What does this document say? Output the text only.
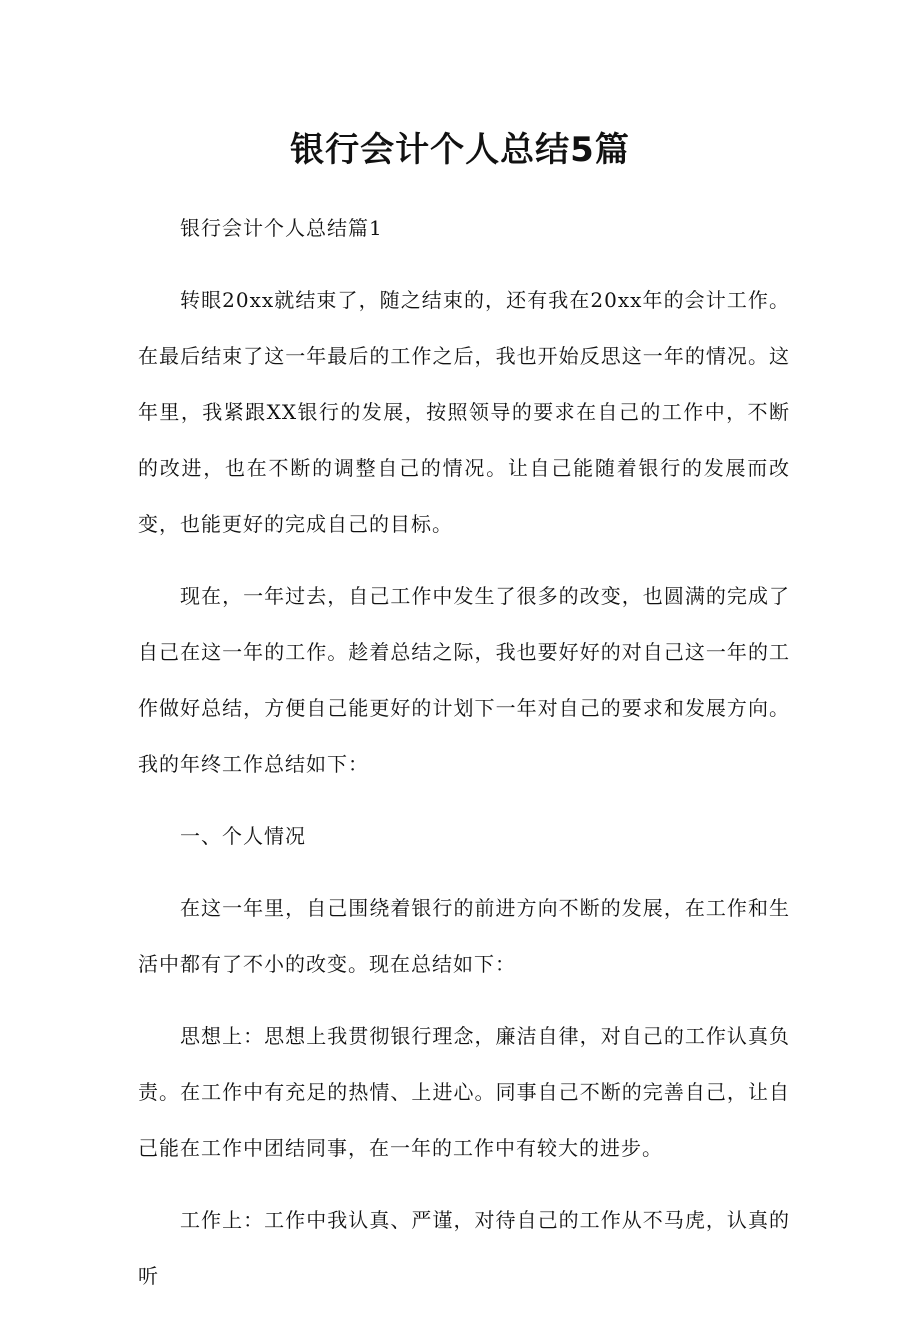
银行会计个人总结5篇

银行会计个人总结篇1

转眼20xx就结束了，随之结束的，还有我在20xx年的会计工作。在最后结束了这一年最后的工作之后，我也开始反思这一年的情况。这年里，我紧跟XX银行的发展，按照领导的要求在自己的工作中，不断的改进，也在不断的调整自己的情况。让自己能随着银行的发展而改变，也能更好的完成自己的目标。

现在，一年过去，自己工作中发生了很多的改变，也圆满的完成了自己在这一年的工作。趁着总结之际，我也要好好的对自己这一年的工作做好总结，方便自己能更好的计划下一年对自己的要求和发展方向。我的年终工作总结如下：

一、个人情况

在这一年里，自己围绕着银行的前进方向不断的发展，在工作和生活中都有了不小的改变。现在总结如下：

思想上：思想上我贯彻银行理念，廉洁自律，对自己的工作认真负责。在工作中有充足的热情、上进心。同事自己不断的完善自己，让自己能在工作中团结同事，在一年的工作中有较大的进步。

工作上：工作中我认真、严谨，对待自己的工作从不马虎，认真的听
